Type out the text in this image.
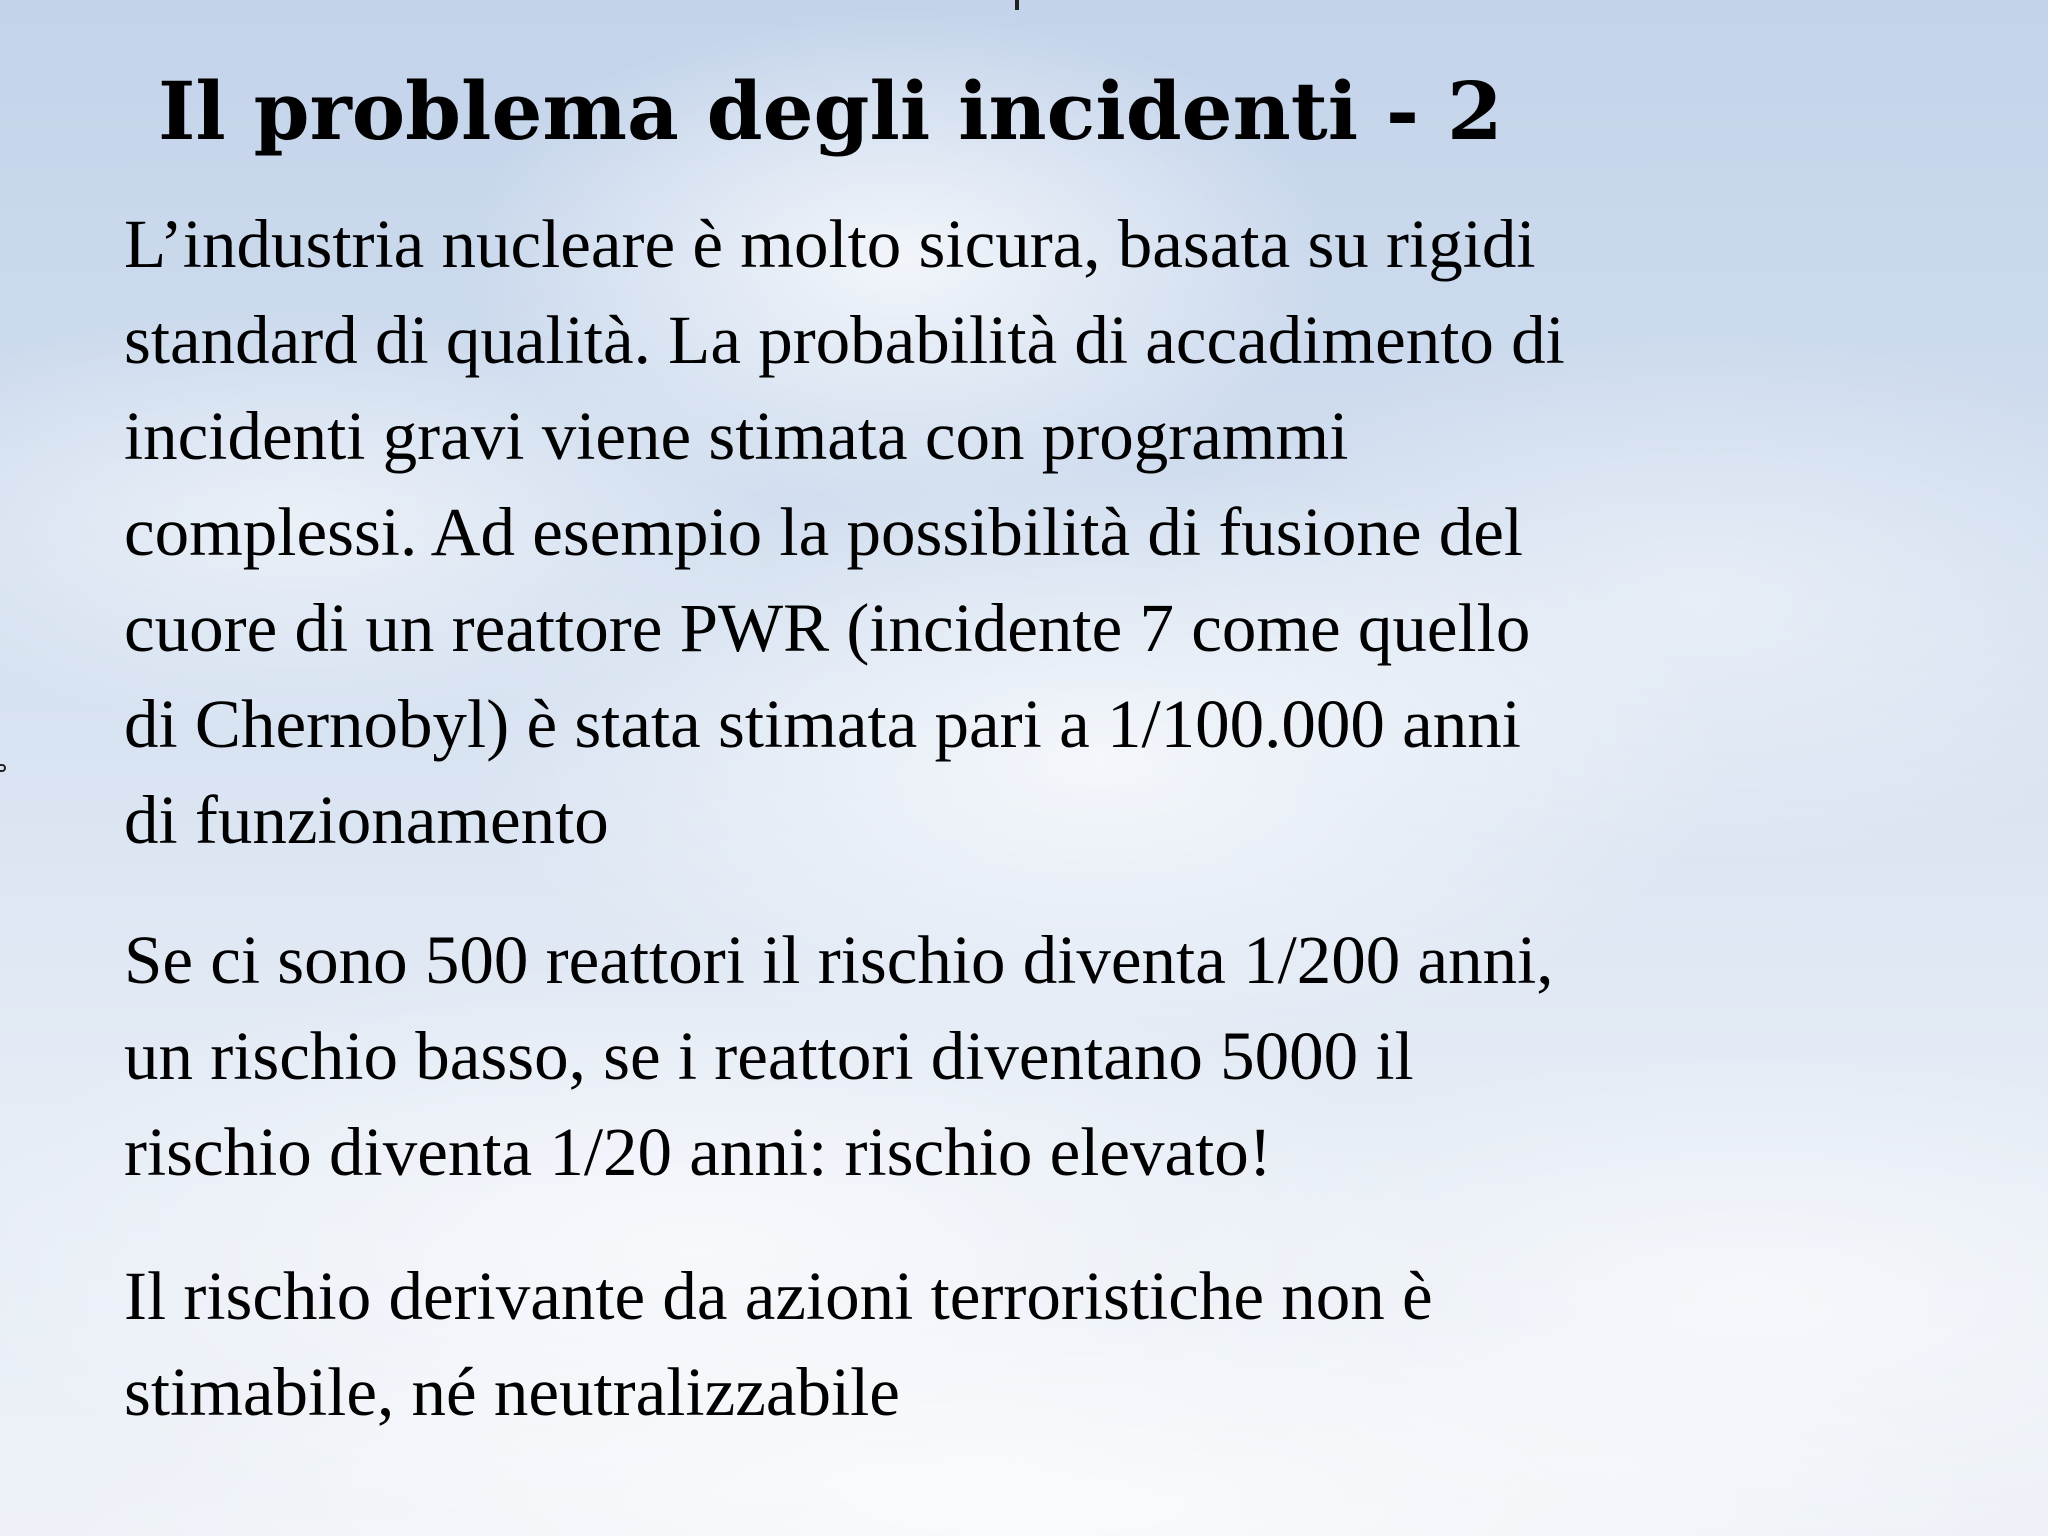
Il problema degli incidenti - 2

L’industria nucleare è molto sicura, basata su rigidi
standard di qualità. La probabilità di accadimento di
incidenti gravi viene stimata con programmi
complessi. Ad esempio la possibilità di fusione del
cuore di un reattore PWR (incidente 7 come quello
di Chernobyl) è stata stimata pari a 1/100.000 anni
di funzionamento

Se ci sono 500 reattori il rischio diventa 1/200 anni,
un rischio basso, se i reattori diventano 5000 il
rischio diventa 1/20 anni: rischio elevato!

Il rischio derivante da azioni terroristiche non è
stimabile, né neutralizzabile
